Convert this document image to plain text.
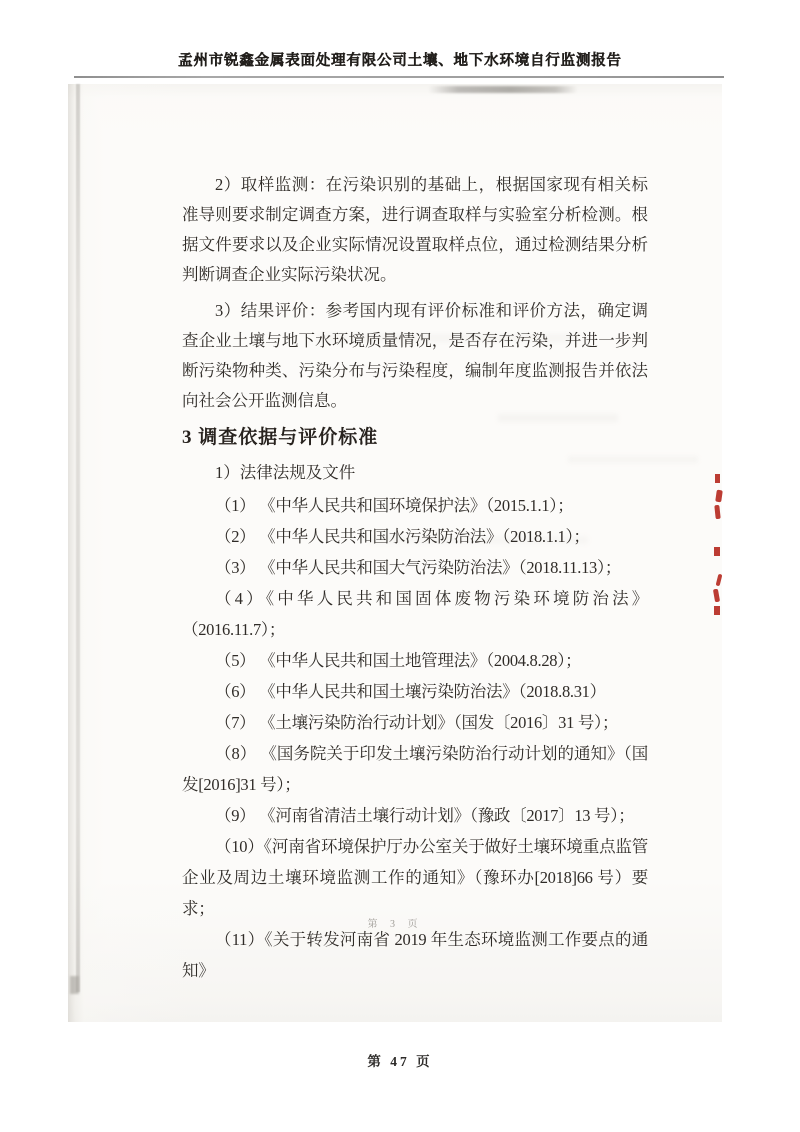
孟州市锐鑫金属表面处理有限公司土壤、地下水环境自行监测报告

2）取样监测：在污染识别的基础上，根据国家现有相关标准导则要求制定调查方案，进行调查取样与实验室分析检测。根据文件要求以及企业实际情况设置取样点位，通过检测结果分析判断调查企业实际污染状况。

3）结果评价：参考国内现有评价标准和评价方法，确定调查企业土壤与地下水环境质量情况，是否存在污染，并进一步判断污染物种类、污染分布与污染程度，编制年度监测报告并依法向社会公开监测信息。

3 调查依据与评价标准

1）法律法规及文件

（1） 《中华人民共和国环境保护法》（2015.1.1）；

（2） 《中华人民共和国水污染防治法》（2018.1.1）；

（3） 《中华人民共和国大气污染防治法》（2018.11.13）；

（4）《中华人民共和国固体废物污染环境防治法》（2016.11.7）；

（5） 《中华人民共和国土地管理法》（2004.8.28）；

（6） 《中华人民共和国土壤污染防治法》（2018.8.31）

（7） 《土壤污染防治行动计划》（国发〔2016〕31 号）；

（8） 《国务院关于印发土壤污染防治行动计划的通知》（国发[2016]31 号）；

（9） 《河南省清洁土壤行动计划》（豫政〔2017〕13 号）；

（10）《河南省环境保护厅办公室关于做好土壤环境重点监管企业及周边土壤环境监测工作的通知》（豫环办[2018]66 号）要求；

（11）《关于转发河南省 2019 年生态环境监测工作要点的通知》

第 3 页
第 47 页
